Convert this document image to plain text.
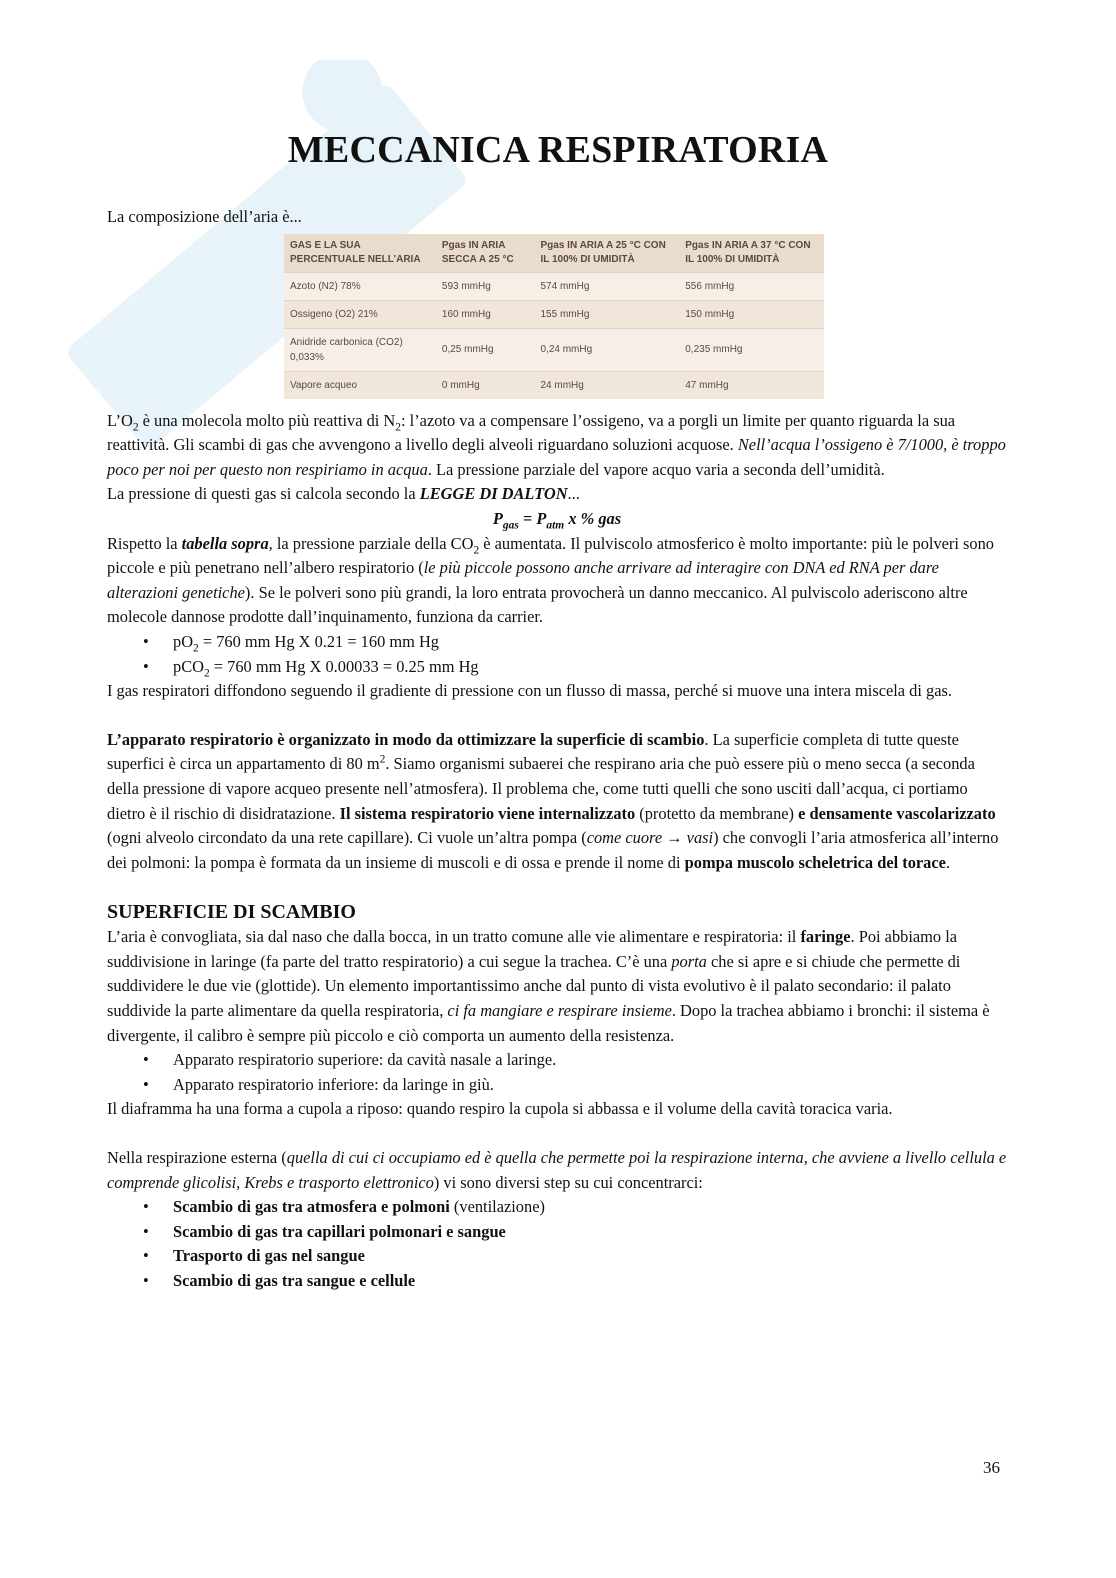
MECCANICA RESPIRATORIA

La composizione dell’aria è...

GAS E LA SUA PERCENTUALE NELL’ARIA	Pgas IN ARIA SECCA A 25 °C	Pgas IN ARIA A 25 °C CON IL 100% DI UMIDITÀ	Pgas IN ARIA A 37 °C CON IL 100% DI UMIDITÀ
Azoto (N2) 78%	593 mmHg	574 mmHg	556 mmHg
Ossigeno (O2) 21%	160 mmHg	155 mmHg	150 mmHg
Anidride carbonica (CO2) 0,033%	0,25 mmHg	0,24 mmHg	0,235 mmHg
Vapore acqueo	0 mmHg	24 mmHg	47 mmHg

$L’O_2$ è una molecola molto più reattiva di $N_2$: l’azoto va a compensare l’ossigeno, va a porgli un limite per quanto riguarda la sua reattività. Gli scambi di gas che avvengono a livello degli alveoli riguardano soluzioni acquose. Nell’acqua l’ossigeno è 7/1000, è troppo poco per noi per questo non respiriamo in acqua. La pressione parziale del vapore acquo varia a seconda dell’umidità.

La pressione di questi gas si calcola secondo la LEGGE DI DALTON...

$P_{gas} = P_{atm}$ x % gas

Rispetto la tabella sopra, la pressione parziale della $CO_2$ è aumentata. Il pulviscolo atmosferico è molto importante: più le polveri sono piccole e più penetrano nell’albero respiratorio (le più piccole possono anche arrivare ad interagire con DNA ed RNA per dare alterazioni genetiche). Se le polveri sono più grandi, la loro entrata provocherà un danno meccanico. Al pulviscolo aderiscono altre molecole dannose prodotte dall’inquinamento, funziona da carrier.

• $pO_2 = 760$ mm Hg X 0.21 = 160 mm Hg
• pCO$_2$ = 760 mm Hg X 0.00033 = 0.25 mm Hg

I gas respiratori diffondono seguendo il gradiente di pressione con un flusso di massa, perché si muove una intera miscela di gas.

L’apparato respiratorio è organizzato in modo da ottimizzare la superficie di scambio. La superficie completa di tutte queste superfici è circa un appartamento di 80 $m^2$. Siamo organismi subaerei che respirano aria che può essere più o meno secca (a seconda della pressione di vapore acqueo presente nell’atmosfera). Il problema che, come tutti quelli che sono usciti dall’acqua, ci portiamo dietro è il rischio di disidratazione. Il sistema respiratorio viene internalizzato (protetto da membrane) e densamente vascolarizzato (ogni alveolo circondato da una rete capillare). Ci vuole un’altra pompa (come cuore → vasi) che convogli l’aria atmosferica all’interno dei polmoni: la pompa è formata da un insieme di muscoli e di ossa e prende il nome di pompa muscolo scheletrica del torace.

SUPERFICIE DI SCAMBIO

L’aria è convogliata, sia dal naso che dalla bocca, in un tratto comune alle vie alimentare e respiratoria: il faringe. Poi abbiamo la suddivisione in laringe (fa parte del tratto respiratorio) a cui segue la trachea. C’è una porta che si apre e si chiude che permette di suddividere le due vie (glottide). Un elemento importantissimo anche dal punto di vista evolutivo è il palato secondario: il palato suddivide la parte alimentare da quella respiratoria, ci fa mangiare e respirare insieme. Dopo la trachea abbiamo i bronchi: il sistema è divergente, il calibro è sempre più piccolo e ciò comporta un aumento della resistenza.

• Apparato respiratorio superiore: da cavità nasale a laringe.
• Apparato respiratorio inferiore: da laringe in giù.

Il diaframma ha una forma a cupola a riposo: quando respiro la cupola si abbassa e il volume della cavità toracica varia.

Nella respirazione esterna (quella di cui ci occupiamo ed è quella che permette poi la respirazione interna, che avviene a livello cellula e comprende glicolisi, Krebs e trasporto elettronico) vi sono diversi step su cui concentrarci:

• Scambio di gas tra atmosfera e polmoni (ventilazione)
• Scambio di gas tra capillari polmonari e sangue
• Trasporto di gas nel sangue
• Scambio di gas tra sangue e cellule
36
